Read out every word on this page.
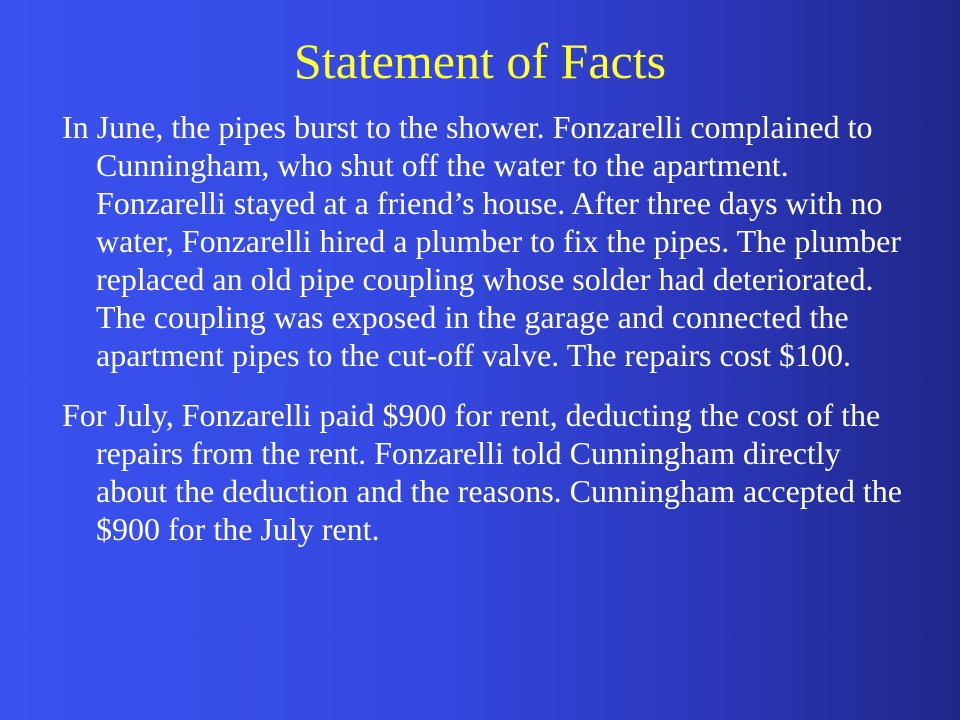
Statement of Facts

In June, the pipes burst to the shower. Fonzarelli complained to Cunningham, who shut off the water to the apartment. Fonzarelli stayed at a friend’s house. After three days with no water, Fonzarelli hired a plumber to fix the pipes. The plumber replaced an old pipe coupling whose solder had deteriorated. The coupling was exposed in the garage and connected the apartment pipes to the cut-off valve. The repairs cost $100.

For July, Fonzarelli paid $900 for rent, deducting the cost of the repairs from the rent. Fonzarelli told Cunningham directly about the deduction and the reasons. Cunningham accepted the $900 for the July rent.
